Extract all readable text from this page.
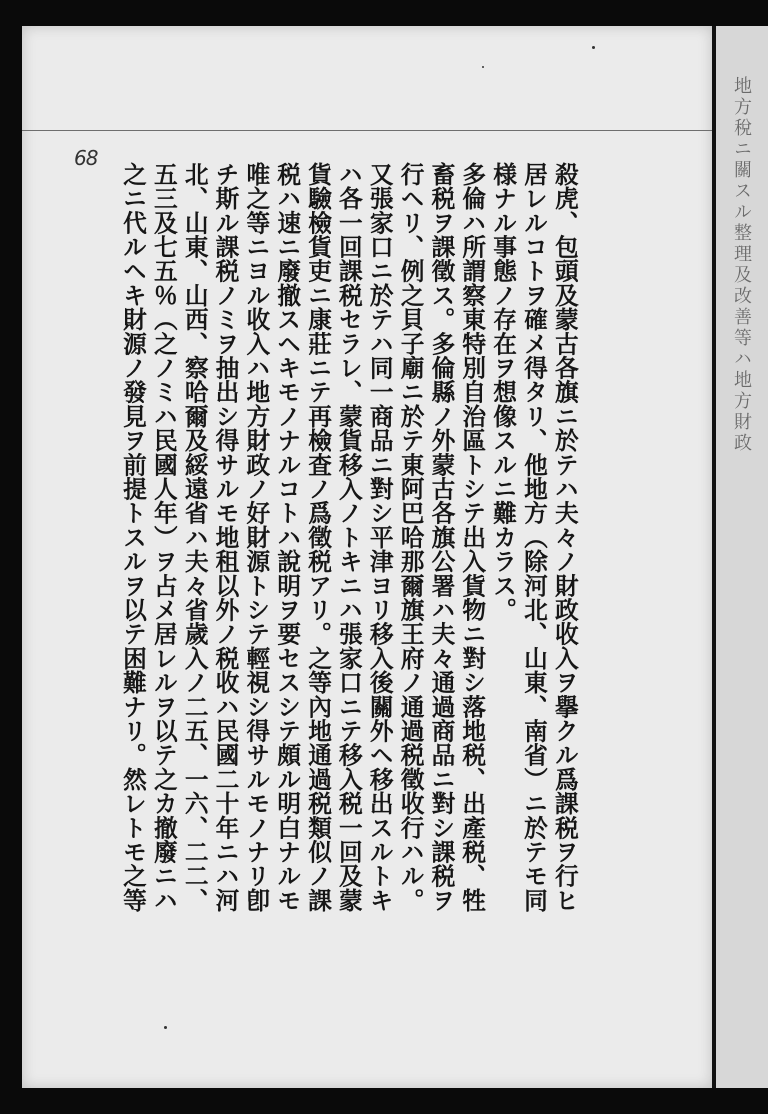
68
殺虎、包頭及蒙古各旗ニ於テハ夫々ノ財政收入ヲ擧クル爲課税ヲ行ヒ
居レルコトヲ確メ得タリ、他地方（除河北、山東、南省）ニ於テモ同
様ナル事態ノ存在ヲ想像スルニ難カラス。
多倫ハ所謂察東特別自治區トシテ出入貨物ニ對シ落地税、出產税、牲
畜税ヲ課徵ス。多倫縣ノ外蒙古各旗公署ハ夫々通過商品ニ對シ課税ヲ
行ヘリ、例之貝子廟ニ於テ東阿巴哈那爾旗王府ノ通過税徵收行ハル。
又張家口ニ於テハ同一商品ニ對シ平津ヨリ移入後關外ヘ移出スルトキ
ハ各一回課税セラレ、蒙貨移入ノトキニハ張家口ニテ移入税一回及蒙
貨驗檢貨吏ニ康莊ニテ再檢査ノ爲徵税アリ。之等內地通過税類似ノ課
税ハ速ニ廢撤スヘキモノナルコトハ說明ヲ要セスシテ頗ル明白ナルモ
唯之等ニヨル收入ハ地方財政ノ好財源トシテ輕視シ得サルモノナリ卽
チ斯ル課税ノミヲ抽出シ得サルモ地租以外ノ税收ハ民國二十年ニハ河
北、山東、山西、察哈爾及綏遠省ハ夫々省歲入ノ二五、一六、二二、
五三及七五％（之ノミハ民國人年）ヲ占メ居レルヲ以テ之カ撤廢ニハ
之ニ代ルヘキ財源ノ發見ヲ前提トスルヲ以テ困難ナリ。然レトモ之等	地方稅ニ關スル整理及改善等ハ地方財政
